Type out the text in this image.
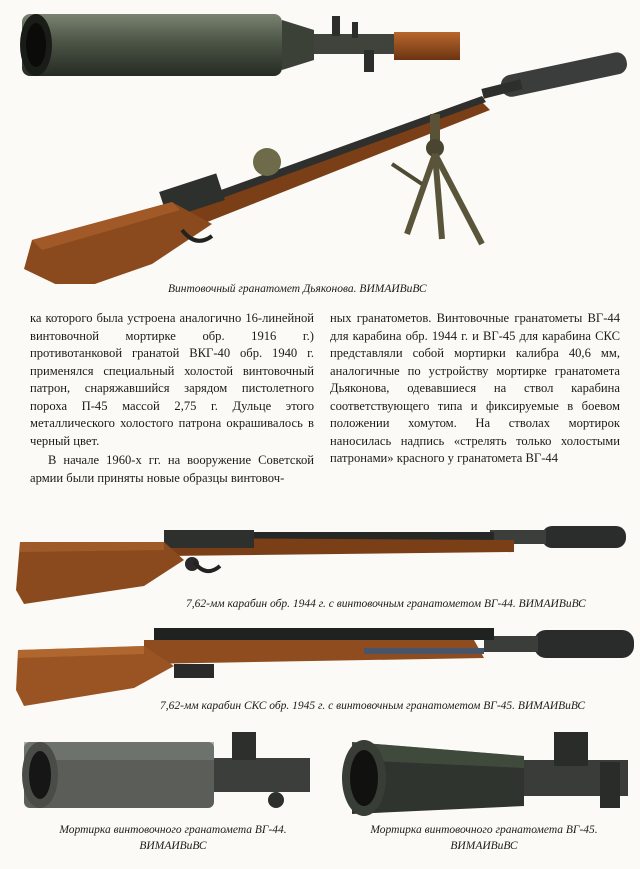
Винтовочный гранатомет Дьяконова. ВИМАИВиВС

ка которого была устроена аналогично 16-линейной винтовочной мортирке обр. 1916 г.) противотанковой гранатой ВКГ-40 обр. 1940 г. применялся специальный холостой винтовочный патрон, снаряжавшийся зарядом пистолетного пороха П-45 массой 2,75 г. Дульце этого металлического холостого патрона окрашивалось в черный цвет.

В начале 1960-х гг. на вооружение Советской армии были приняты новые образцы винтовоч-

ных гранатометов. Винтовочные гранатометы ВГ-44 для карабина обр. 1944 г. и ВГ-45 для карабина СКС представляли собой мортирки калибра 40,6 мм, аналогичные по устройству мортирке гранатомета Дьяконова, одевавшиеся на ствол карабина соответствующего типа и фиксируемые в боевом положении хомутом. На стволах мортирок наносилась надпись «стрелять только холостыми патронами» красного у гранатомета ВГ-44

7,62-мм карабин обр. 1944 г. с винтовочным гранатометом ВГ-44. ВИМАИВиВС
7,62-мм карабин СКС обр. 1945 г. с винтовочным гранатометом ВГ-45. ВИМАИВиВС
Мортирка винтовочного гранатомета ВГ-44.
ВИМАИВиВС
Мортирка винтовочного гранатомета ВГ-45.
ВИМАИВиВС
